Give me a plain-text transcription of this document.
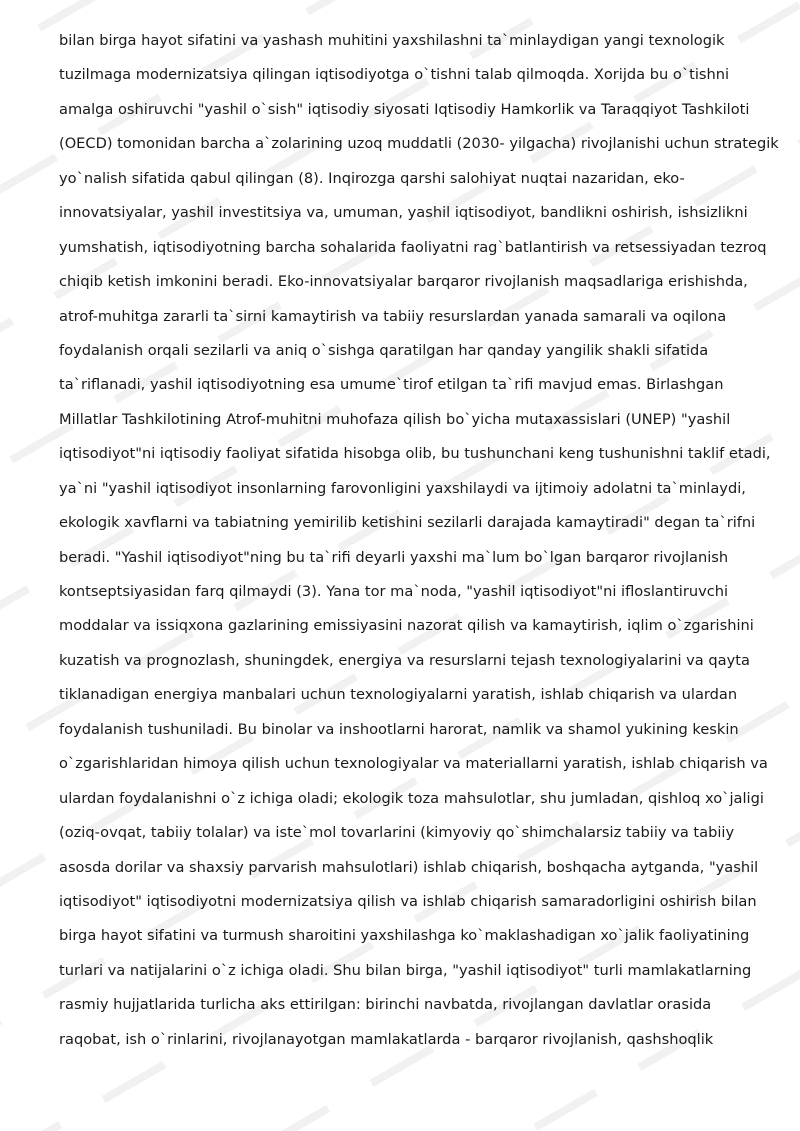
bilan birga hayot sifatini va yashash muhitini yaxshilashni ta`minlaydigan yangi texnologik
tuzilmaga modernizatsiya qilingan iqtisodiyotga o`tishni talab qilmoqda. Xorijda bu o`tishni
amalga oshiruvchi "yashil o`sish" iqtisodiy siyosati Iqtisodiy Hamkorlik va Taraqqiyot Tashkiloti
(OECD) tomonidan barcha a`zolarining uzoq muddatli (2030- yilgacha) rivojlanishi uchun strategik
yo`nalish sifatida qabul qilingan (8). Inqirozga qarshi salohiyat nuqtai nazaridan, eko-
innovatsiyalar, yashil investitsiya va, umuman, yashil iqtisodiyot, bandlikni oshirish, ishsizlikni
yumshatish, iqtisodiyotning barcha sohalarida faoliyatni rag`batlantirish va retsessiyadan tezroq
chiqib ketish imkonini beradi. Eko-innovatsiyalar barqaror rivojlanish maqsadlariga erishishda,
atrof-muhitga zararli ta`sirni kamaytirish va tabiiy resurslardan yanada samarali va oqilona
foydalanish orqali sezilarli va aniq o`sishga qaratilgan har qanday yangilik shakli sifatida
ta`riflanadi, yashil iqtisodiyotning esa umume`tirof etilgan ta`rifi mavjud emas. Birlashgan
Millatlar Tashkilotining Atrof-muhitni muhofaza qilish bo`yicha mutaxassislari (UNEP) "yashil
iqtisodiyot"ni iqtisodiy faoliyat sifatida hisobga olib, bu tushunchani keng tushunishni taklif etadi,
ya`ni "yashil iqtisodiyot insonlarning farovonligini yaxshilaydi va ijtimoiy adolatni ta`minlaydi,
ekologik xavflarni va tabiatning yemirilib ketishini sezilarli darajada kamaytiradi" degan ta`rifni
beradi. "Yashil iqtisodiyot"ning bu ta`rifi deyarli yaxshi ma`lum bo`lgan barqaror rivojlanish
kontseptsiyasidan farq qilmaydi (3). Yana tor ma`noda, "yashil iqtisodiyot"ni ifloslantiruvchi
moddalar va issiqxona gazlarining emissiyasini nazorat qilish va kamaytirish, iqlim o`zgarishini
kuzatish va prognozlash, shuningdek, energiya va resurslarni tejash texnologiyalarini va qayta
tiklanadigan energiya manbalari uchun texnologiyalarni yaratish, ishlab chiqarish va ulardan
foydalanish tushuniladi. Bu binolar va inshootlarni harorat, namlik va shamol yukining keskin
o`zgarishlaridan himoya qilish uchun texnologiyalar va materiallarni yaratish, ishlab chiqarish va
ulardan foydalanishni o`z ichiga oladi; ekologik toza mahsulotlar, shu jumladan, qishloq xo`jaligi
(oziq-ovqat, tabiiy tolalar) va iste`mol tovarlarini (kimyoviy qo`shimchalarsiz tabiiy va tabiiy
asosda dorilar va shaxsiy parvarish mahsulotlari) ishlab chiqarish, boshqacha aytganda, "yashil
iqtisodiyot" iqtisodiyotni modernizatsiya qilish va ishlab chiqarish samaradorligini oshirish bilan
birga hayot sifatini va turmush sharoitini yaxshilashga ko`maklashadigan xo`jalik faoliyatining
turlari va natijalarini o`z ichiga oladi. Shu bilan birga, "yashil iqtisodiyot" turli mamlakatlarning
rasmiy hujjatlarida turlicha aks ettirilgan: birinchi navbatda, rivojlangan davlatlar orasida
raqobat, ish o`rinlarini, rivojlanayotgan mamlakatlarda - barqaror rivojlanish, qashshoqlik
